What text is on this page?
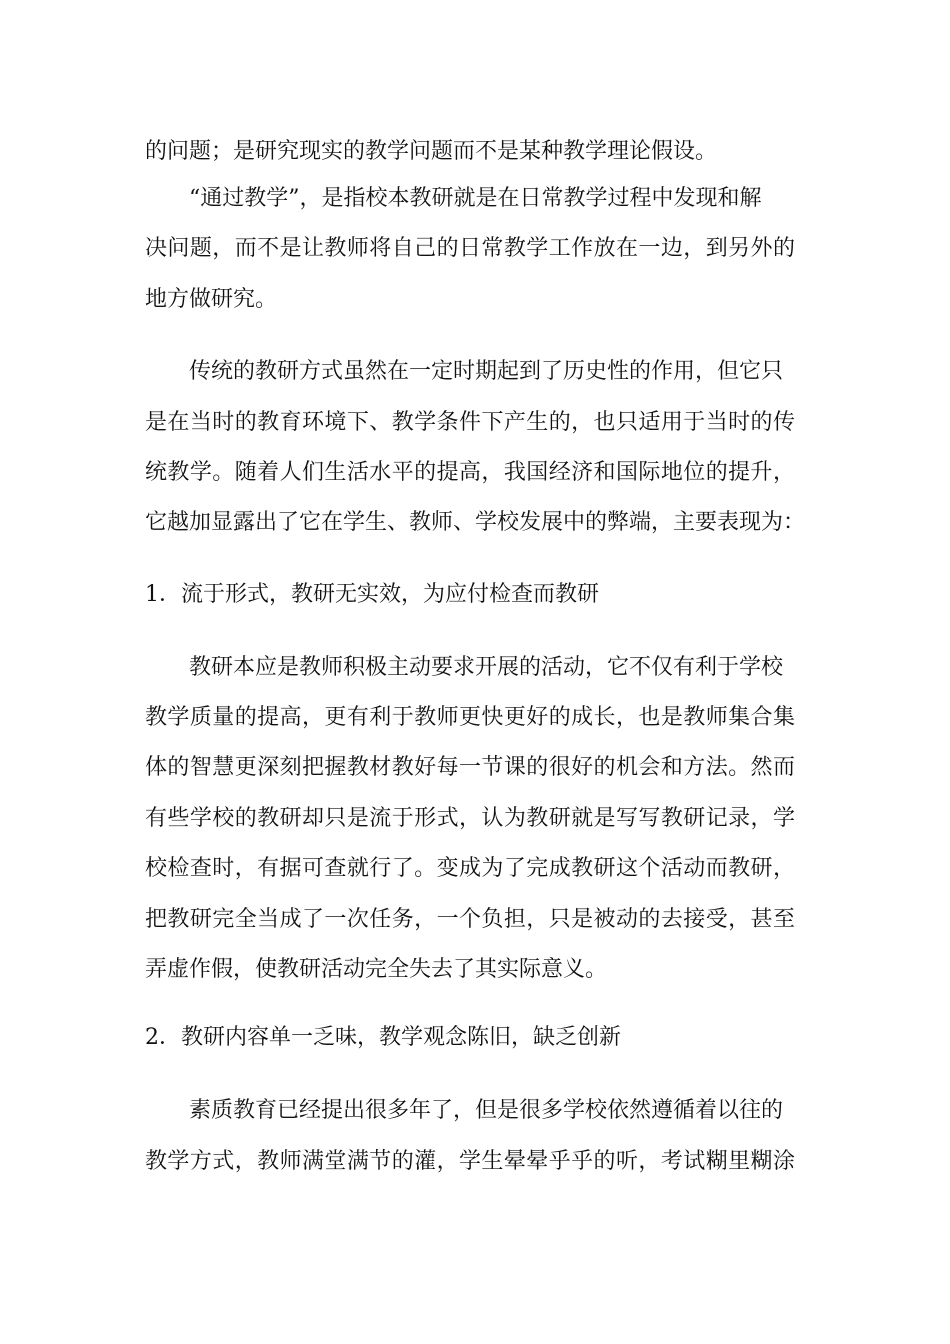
的问题；是研究现实的教学问题而不是某种教学理论假设。
“通过教学”，是指校本教研就是在日常教学过程中发现和解
决问题，而不是让教师将自己的日常教学工作放在一边，到另外的
地方做研究。
传统的教研方式虽然在一定时期起到了历史性的作用，但它只
是在当时的教育环境下、教学条件下产生的，也只适用于当时的传
统教学。随着人们生活水平的提高，我国经济和国际地位的提升，
它越加显露出了它在学生、教师、学校发展中的弊端，主要表现为：
1．流于形式，教研无实效，为应付检查而教研
教研本应是教师积极主动要求开展的活动，它不仅有利于学校
教学质量的提高，更有利于教师更快更好的成长，也是教师集合集
体的智慧更深刻把握教材教好每一节课的很好的机会和方法。然而
有些学校的教研却只是流于形式，认为教研就是写写教研记录，学
校检查时，有据可查就行了。变成为了完成教研这个活动而教研，
把教研完全当成了一次任务，一个负担，只是被动的去接受，甚至
弄虚作假，使教研活动完全失去了其实际意义。
2．教研内容单一乏味，教学观念陈旧，缺乏创新
素质教育已经提出很多年了，但是很多学校依然遵循着以往的
教学方式，教师满堂满节的灌，学生晕晕乎乎的听，考试糊里糊涂
